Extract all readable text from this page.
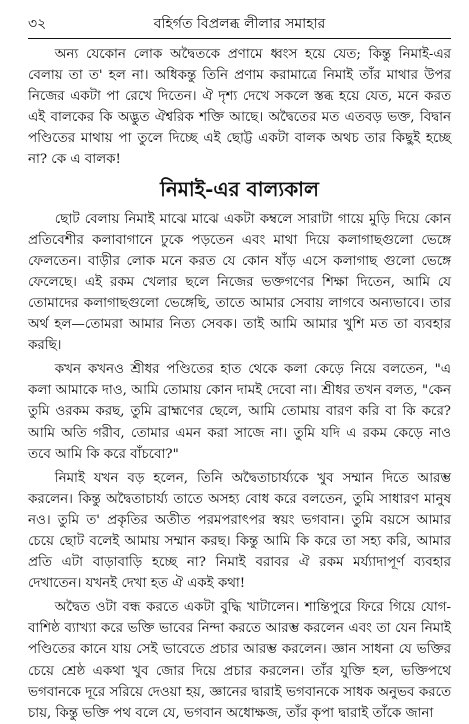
৩২	বহির্গত বিপ্রলব্ধ লীলার সমাহার

অন্য যেকোন লোক অদ্বৈতকে প্রণামে ধ্বংস হয়ে যেত; কিন্তু নিমাই-এর বেলায় তা ত' হল না। অধিকন্তু তিনি প্রণাম করামাত্রে নিমাই তাঁর মাথার উপর নিজের একটা পা রেখে দিতেন। ঐ দৃশ্য দেখে সকলে স্তব্ধ হয়ে যেত, মনে করত এই বালকের কি অদ্ভুত ঐশ্বরিক শক্তি আছে। অদ্বৈতের মত এতবড় ভক্ত, বিদ্বান পণ্ডিতের মাথায় পা তুলে দিচ্ছে এই ছোট্ট একটা বালক অথচ তার কিছুই হচ্ছে না? কে এ বালক!

নিমাই-এর বাল্যকাল

ছোট বেলায় নিমাই মাঝে মাঝে একটা কম্বলে সারাটা গায়ে মুড়ি দিয়ে কোন প্রতিবেশীর কলাবাগানে ঢুকে পড়তেন এবং মাথা দিয়ে কলাগাছগুলো ভেঙ্গে ফেলতেন। বাড়ীর লোক মনে করত যে কোন ষাঁড় এসে কলাগাছ গুলো ভেঙ্গে ফেলেছে। এই রকম খেলার ছলে নিজের ভক্তগণের শিক্ষা দিতেন, আমি যে তোমাদের কলাগাছগুলো ভেঙ্গেছি, তাতে আমার সেবায় লাগবে অন্যভাবে। তার অর্থ হল—তোমরা আমার নিত্য সেবক। তাই আমি আমার খুশি মত তা ব্যবহার করছি।

কখন কখনও শ্রীধর পণ্ডিতের হাত থেকে কলা কেড়ে নিয়ে বলতেন, "এ কলা আমাকে দাও, আমি তোমায় কোন দামই দেবো না। শ্রীধর তখন বলত, "কেন তুমি ওরকম করছ, তুমি ব্রাহ্মণের ছেলে, আমি তোমায় বারণ করি বা কি করে? আমি অতি গরীব, তোমার এমন করা সাজে না। তুমি যদি এ রকম কেড়ে নাও তবে আমি কি করে বাঁচবো?"

নিমাই যখন বড় হলেন, তিনি অদ্বৈতাচার্য্যকে খুব সম্মান দিতে আরম্ভ করলেন। কিন্তু অদ্বৈতাচার্য্য তাতে অসহ্য বোধ করে বলতেন, তুমি সাধারণ মানুষ নও। তুমি ত' প্রকৃতির অতীত পরমপরাৎপর স্বয়ং ভগবান। তুমি বয়সে আমার চেয়ে ছোট বলেই আমায় সম্মান করছ। কিন্তু আমি কি করে তা সহ্য করি, আমার প্রতি এটা বাড়াবাড়ি হচ্ছে না? নিমাই বরাবর ঐ রকম মর্য্যাদাপূর্ণ ব্যবহার দেখাতেন। যখনই দেখা হত ঐ একই কথা!

অদ্বৈত ওটা বন্ধ করতে একটা বুদ্ধি খাটালেন। শান্তিপুরে ফিরে গিয়ে যোগ-বাশিষ্ঠ ব্যাখ্যা করে ভক্তি ভাবের নিন্দা করতে আরম্ভ করলেন এবং তা যেন নিমাই পণ্ডিতের কানে যায় সেই ভাবেতে প্রচার আরম্ভ করলেন। জ্ঞান সাধনা যে ভক্তির চেয়ে শ্রেষ্ঠ একথা খুব জোর দিয়ে প্রচার করলেন। তাঁর যুক্তি হল, ভক্তিপথে ভগবানকে দূরে সরিয়ে দেওয়া হয়, জ্ঞানের দ্বারাই ভগবানকে সাধক অনুভব করতে চায়, কিন্তু ভক্তি পথ বলে যে, ভগবান অধোক্ষজ, তাঁর কৃপা দ্বারাই তাঁকে জানা
